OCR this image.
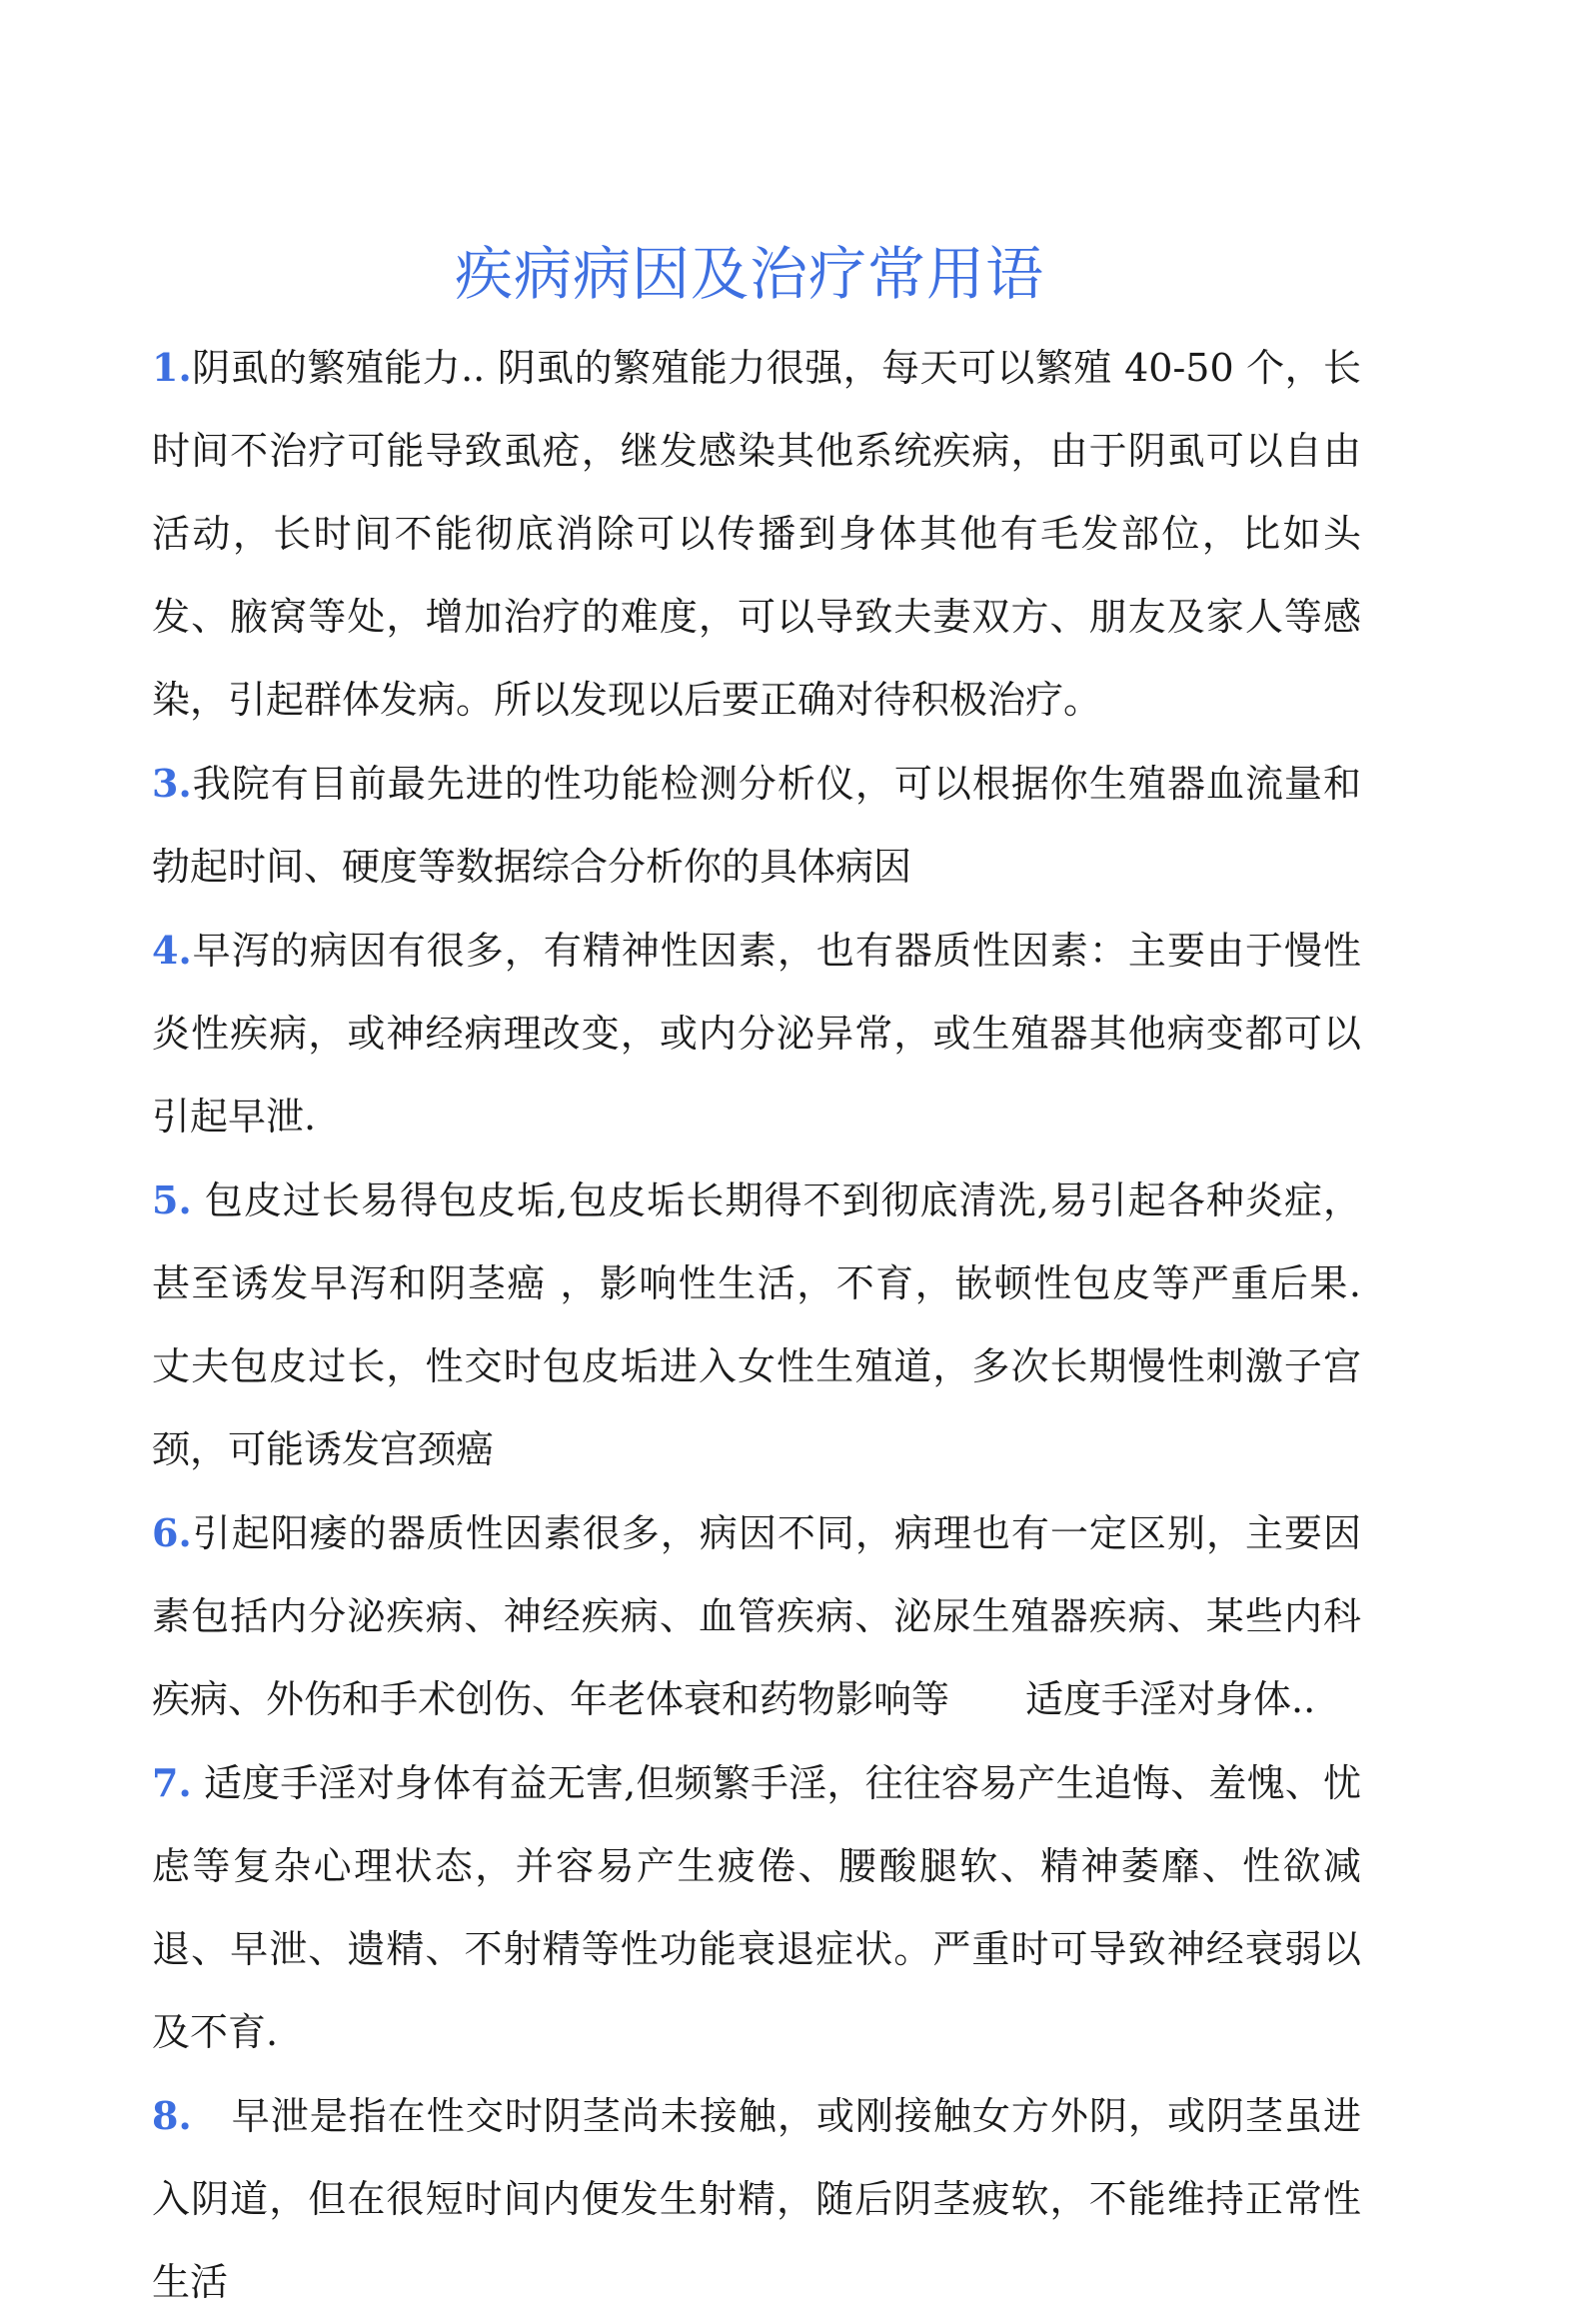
疾病病因及治疗常用语

1.阴虱的繁殖能力.. 阴虱的繁殖能力很强，每天可以繁殖 40-50 个，长时间不治疗可能导致虱疮，继发感染其他系统疾病，由于阴虱可以自由活动，长时间不能彻底消除可以传播到身体其他有毛发部位，比如头发、腋窝等处，增加治疗的难度，可以导致夫妻双方、朋友及家人等感染，引起群体发病。所以发现以后要正确对待积极治疗。

3.我院有目前最先进的性功能检测分析仪，可以根据你生殖器血流量和勃起时间、硬度等数据综合分析你的具体病因

4.早泻的病因有很多，有精神性因素，也有器质性因素：主要由于慢性炎性疾病，或神经病理改变，或内分泌异常，或生殖器其他病变都可以引起早泄.

5. 包皮过长易得包皮垢,包皮垢长期得不到彻底清洗,易引起各种炎症，甚至诱发早泻和阴茎癌 ，影响性生活，不育，嵌顿性包皮等严重后果. 丈夫包皮过长，性交时包皮垢进入女性生殖道，多次长期慢性刺激子宫颈，可能诱发宫颈癌

6.引起阳痿的器质性因素很多，病因不同，病理也有一定区别，主要因素包括内分泌疾病、神经疾病、血管疾病、泌尿生殖器疾病、某些内科疾病、外伤和手术创伤、年老体衰和药物影响等　　适度手淫对身体..

7. 适度手淫对身体有益无害,但频繁手淫，往往容易产生追悔、羞愧、忧虑等复杂心理状态，并容易产生疲倦、腰酸腿软、精神萎靡、性欲减退、早泄、遗精、不射精等性功能衰退症状。严重时可导致神经衰弱以及不育.

8.　早泄是指在性交时阴茎尚未接触，或刚接触女方外阴，或阴茎虽进入阴道，但在很短时间内便发生射精，随后阴茎疲软，不能维持正常性生活
